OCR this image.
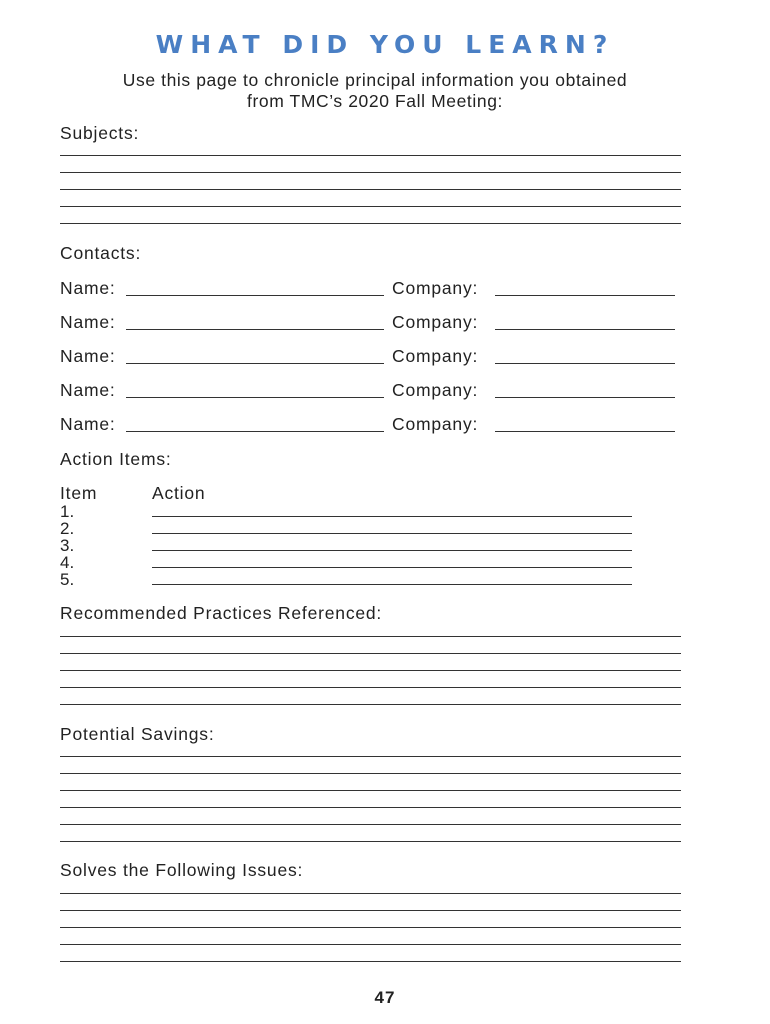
WHAT DID YOU LEARN?
Use this page to chronicle principal information you obtained
from TMC’s 2020 Fall Meeting:
Subjects:
Contacts:
Name:	Company:
Name:	Company:
Name:	Company:
Name:	Company:
Name:	Company:
Action Items:
Item	Action
1.
2.
3.
4.
5.
Recommended Practices Referenced:
Potential Savings:
Solves the Following Issues:
47
